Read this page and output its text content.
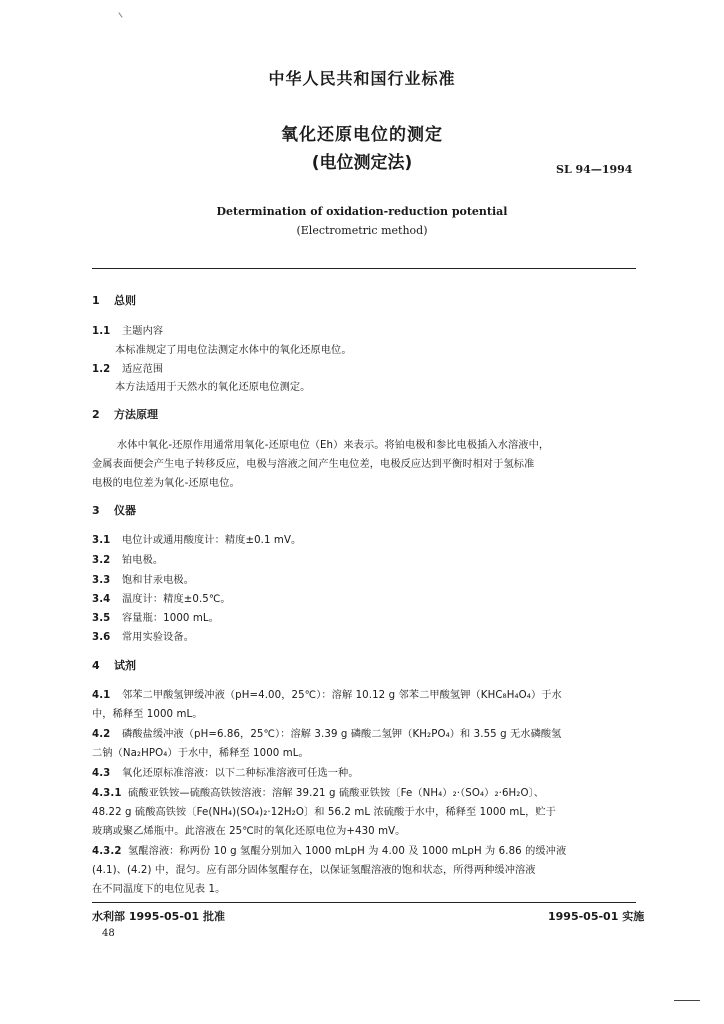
中华人民共和国行业标准
氧化还原电位的测定
(电位测定法)	SL 94—1994
Determination of oxidation-reduction potential
(Electrometric method)
1 总则
1.1 主题内容
本标准规定了用电位法测定水体中的氧化还原电位。
1.2 适应范围
本方法适用于天然水的氧化还原电位测定。
2 方法原理
水体中氧化-还原作用通常用氧化-还原电位（Eh）来表示。将铂电极和参比电极插入水溶液中，
金属表面便会产生电子转移反应，电极与溶液之间产生电位差，电极反应达到平衡时相对于氢标准
电极的电位差为氧化-还原电位。
3 仪器
3.1 电位计或通用酸度计：精度±0.1 mV。
3.2 铂电极。
3.3 饱和甘汞电极。
3.4 温度计：精度±0.5℃。
3.5 容量瓶：1000 mL。
3.6 常用实验设备。
4 试剂
4.1 邻苯二甲酸氢钾缓冲液（pH=4.00，25℃）：溶解 10.12 g 邻苯二甲酸氢钾（KHC₈H₄O₄）于水
中，稀释至 1000 mL。
4.2 磷酸盐缓冲液（pH=6.86，25℃）：溶解 3.39 g 磷酸二氢钾（KH₂PO₄）和 3.55 g 无水磷酸氢
二钠（Na₂HPO₄）于水中，稀释至 1000 mL。
4.3 氧化还原标准溶液：以下二种标准溶液可任选一种。
4.3.1 硫酸亚铁铵—硫酸高铁铵溶液：溶解 39.21 g 硫酸亚铁铵〔Fe（NH₄）₂·（SO₄）₂·6H₂O〕、
48.22 g 硫酸高铁铵〔Fe(NH₄)(SO₄)₂·12H₂O〕和 56.2 mL 浓硫酸于水中，稀释至 1000 mL，贮于
玻璃或聚乙烯瓶中。此溶液在 25℃时的氧化还原电位为+430 mV。
4.3.2 氢醌溶液：称两份 10 g 氢醌分别加入 1000 mLpH 为 4.00 及 1000 mLpH 为 6.86 的缓冲液
(4.1)、(4.2) 中，混匀。应有部分固体氢醌存在，以保证氢醌溶液的饱和状态，所得两种缓冲溶液
在不同温度下的电位见表 1。
水利部 1995-05-01 批准	1995-05-01 实施
48
